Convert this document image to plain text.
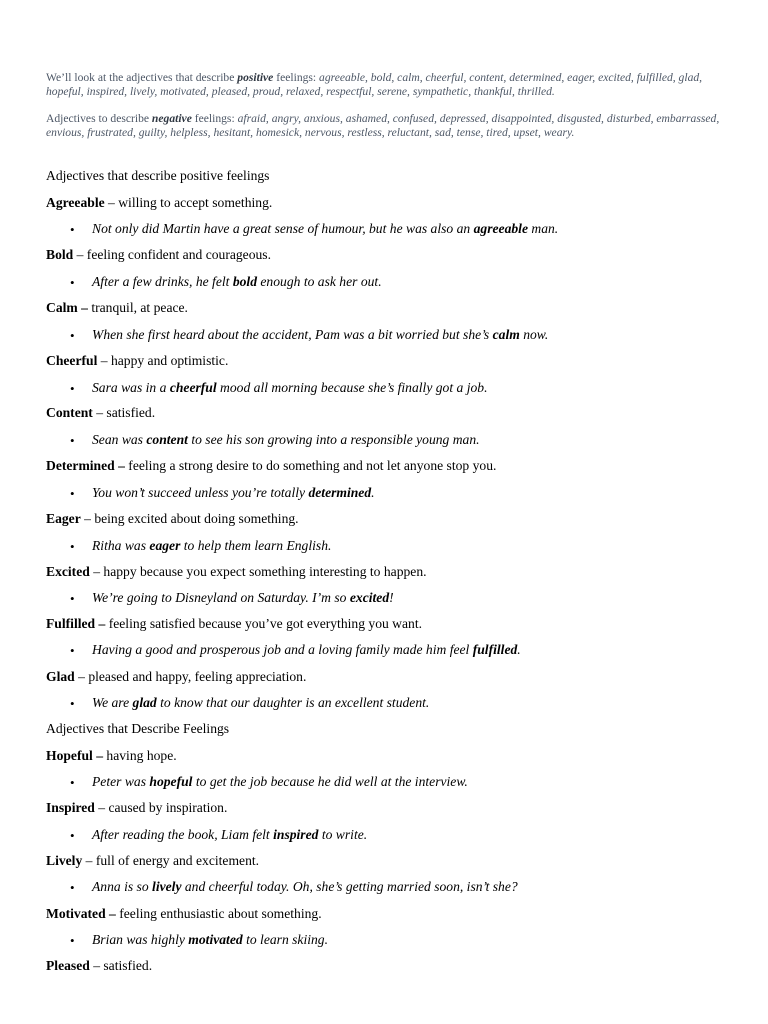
We’ll look at the adjectives that describe positive feelings: agreeable, bold, calm, cheerful, content, determined, eager, excited, fulfilled, glad, hopeful, inspired, lively, motivated, pleased, proud, relaxed, respectful, serene, sympathetic, thankful, thrilled.
Adjectives to describe negative feelings: afraid, angry, anxious, ashamed, confused, depressed, disappointed, disgusted, disturbed, embarrassed, envious, frustrated, guilty, helpless, hesitant, homesick, nervous, restless, reluctant, sad, tense, tired, upset, weary.
Adjectives that describe positive feelings
Agreeable – willing to accept something.
• Not only did Martin have a great sense of humour, but he was also an agreeable man.
Bold – feeling confident and courageous.
• After a few drinks, he felt bold enough to ask her out.
Calm – tranquil, at peace.
• When she first heard about the accident, Pam was a bit worried but she’s calm now.
Cheerful – happy and optimistic.
• Sara was in a cheerful mood all morning because she’s finally got a job.
Content – satisfied.
• Sean was content to see his son growing into a responsible young man.
Determined – feeling a strong desire to do something and not let anyone stop you.
• You won’t succeed unless you’re totally determined.
Eager – being excited about doing something.
• Ritha was eager to help them learn English.
Excited – happy because you expect something interesting to happen.
• We’re going to Disneyland on Saturday. I’m so excited!
Fulfilled – feeling satisfied because you’ve got everything you want.
• Having a good and prosperous job and a loving family made him feel fulfilled.
Glad – pleased and happy, feeling appreciation.
• We are glad to know that our daughter is an excellent student.
Adjectives that Describe Feelings
Hopeful – having hope.
• Peter was hopeful to get the job because he did well at the interview.
Inspired – caused by inspiration.
• After reading the book, Liam felt inspired to write.
Lively – full of energy and excitement.
• Anna is so lively and cheerful today. Oh, she’s getting married soon, isn’t she?
Motivated – feeling enthusiastic about something.
• Brian was highly motivated to learn skiing.
Pleased – satisfied.
